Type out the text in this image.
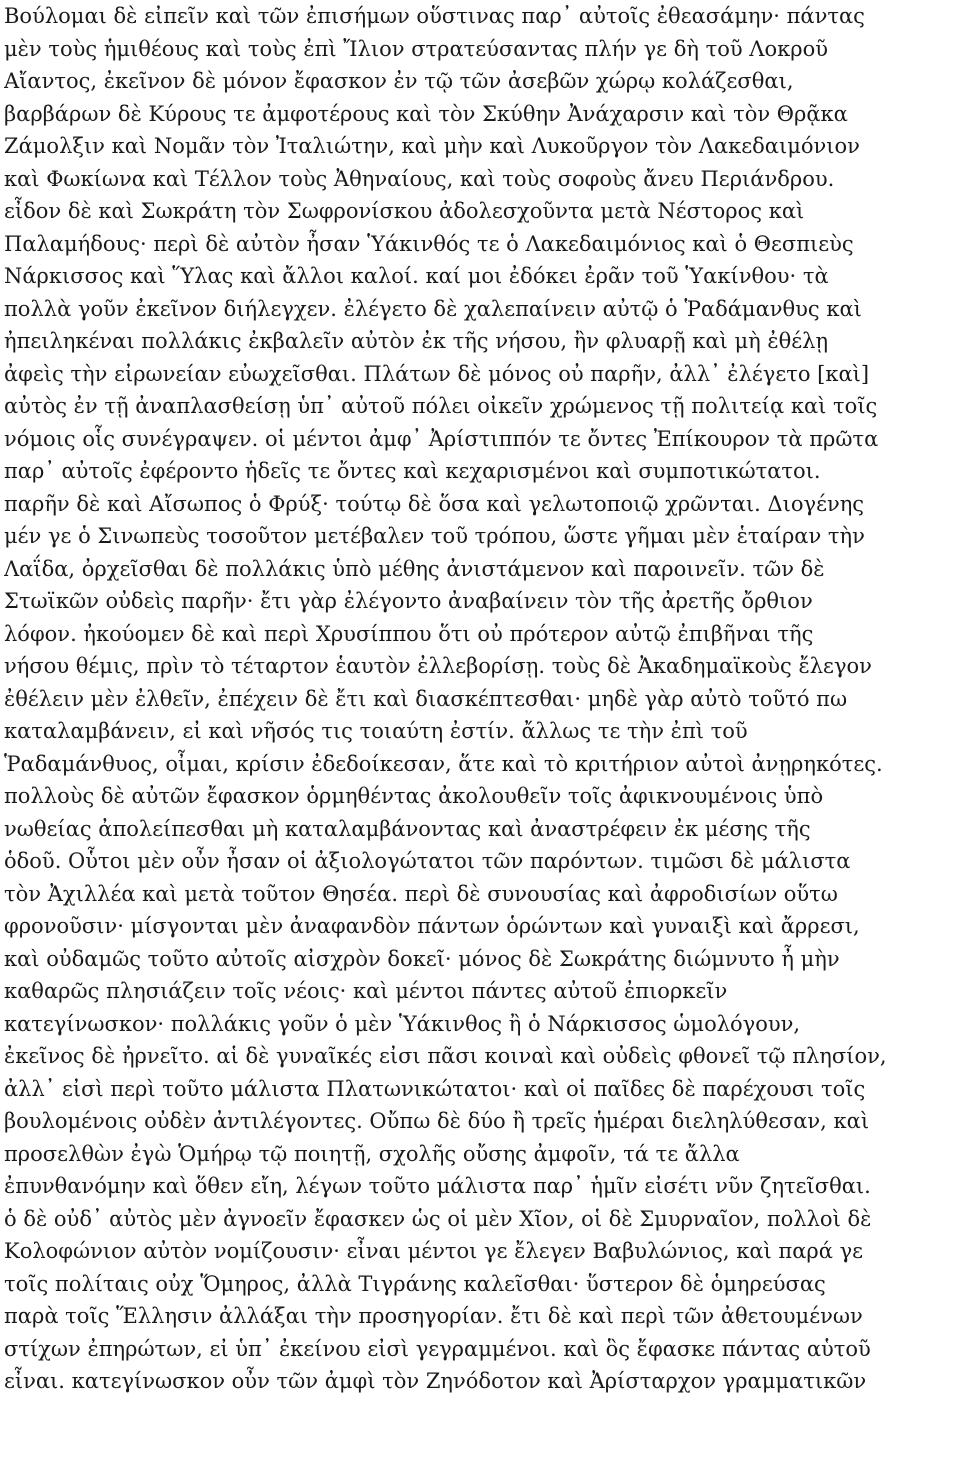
Βούλομαι δὲ εἰπεῖν καὶ τῶν ἐπισήμων οὕστινας παρ᾽ αὐτοῖς ἐθεασάμην· πάντας
μὲν τοὺς ἡμιθέους καὶ τοὺς ἐπὶ Ἴλιον στρατεύσαντας πλήν γε δὴ τοῦ Λοκροῦ
Αἴαντος, ἐκεῖνον δὲ μόνον ἔφασκον ἐν τῷ τῶν ἀσεβῶν χώρῳ κολάζεσθαι,
βαρβάρων δὲ Κύρους τε ἀμφοτέρους καὶ τὸν Σκύθην Ἀνάχαρσιν καὶ τὸν Θρᾷκα
Ζάμολξιν καὶ Νομᾶν τὸν Ἰταλιώτην, καὶ μὴν καὶ Λυκοῦργον τὸν Λακεδαιμόνιον
καὶ Φωκίωνα καὶ Τέλλον τοὺς Ἀθηναίους, καὶ τοὺς σοφοὺς ἄνευ Περιάνδρου.
εἶδον δὲ καὶ Σωκράτη τὸν Σωφρονίσκου ἀδολεσχοῦντα μετὰ Νέστορος καὶ
Παλαμήδους· περὶ δὲ αὐτὸν ἦσαν Ὑάκινθός τε ὁ Λακεδαιμόνιος καὶ ὁ Θεσπιεὺς
Νάρκισσος καὶ Ὕλας καὶ ἄλλοι καλοί. καί μοι ἐδόκει ἐρᾶν τοῦ Ὑακίνθου· τὰ
πολλὰ γοῦν ἐκεῖνον διήλεγχεν. ἐλέγετο δὲ χαλεπαίνειν αὐτῷ ὁ Ῥαδάμανθυς καὶ
ἠπειληκέναι πολλάκις ἐκβαλεῖν αὐτὸν ἐκ τῆς νήσου, ἢν φλυαρῇ καὶ μὴ ἐθέλῃ
ἀφεὶς τὴν εἰρωνείαν εὐωχεῖσθαι. Πλάτων δὲ μόνος οὐ παρῆν, ἀλλ᾽ ἐλέγετο [καὶ]
αὐτὸς ἐν τῇ ἀναπλασθείσῃ ὑπ᾽ αὐτοῦ πόλει οἰκεῖν χρώμενος τῇ πολιτείᾳ καὶ τοῖς
νόμοις οἷς συνέγραψεν. οἱ μέντοι ἀμφ᾽ Ἀρίστιππόν τε ὄντες Ἐπίκουρον τὰ πρῶτα
παρ᾽ αὐτοῖς ἐφέροντο ἡδεῖς τε ὄντες καὶ κεχαρισμένοι καὶ συμποτικώτατοι.
παρῆν δὲ καὶ Αἴσωπος ὁ Φρύξ· τούτῳ δὲ ὅσα καὶ γελωτοποιῷ χρῶνται. Διογένης
μέν γε ὁ Σινωπεὺς τοσοῦτον μετέβαλεν τοῦ τρόπου, ὥστε γῆμαι μὲν ἑταίραν τὴν
Λαΐδα, ὀρχεῖσθαι δὲ πολλάκις ὑπὸ μέθης ἀνιστάμενον καὶ παροινεῖν. τῶν δὲ
Στωϊκῶν οὐδεὶς παρῆν· ἔτι γὰρ ἐλέγοντο ἀναβαίνειν τὸν τῆς ἀρετῆς ὄρθιον
λόφον. ἠκούομεν δὲ καὶ περὶ Χρυσίππου ὅτι οὐ πρότερον αὐτῷ ἐπιβῆναι τῆς
νήσου θέμις, πρὶν τὸ τέταρτον ἑαυτὸν ἐλλεβορίσῃ. τοὺς δὲ Ἀκαδημαϊκοὺς ἔλεγον
ἐθέλειν μὲν ἐλθεῖν, ἐπέχειν δὲ ἔτι καὶ διασκέπτεσθαι· μηδὲ γὰρ αὐτὸ τοῦτό πω
καταλαμβάνειν, εἰ καὶ νῆσός τις τοιαύτη ἐστίν. ἄλλως τε τὴν ἐπὶ τοῦ
Ῥαδαμάνθυος, οἶμαι, κρίσιν ἐδεδοίκεσαν, ἅτε καὶ τὸ κριτήριον αὐτοὶ ἀνῃρηκότες.
πολλοὺς δὲ αὐτῶν ἔφασκον ὁρμηθέντας ἀκολουθεῖν τοῖς ἀφικνουμένοις ὑπὸ
νωθείας ἀπολείπεσθαι μὴ καταλαμβάνοντας καὶ ἀναστρέφειν ἐκ μέσης τῆς
ὁδοῦ. Οὗτοι μὲν οὖν ἦσαν οἱ ἀξιολογώτατοι τῶν παρόντων. τιμῶσι δὲ μάλιστα
τὸν Ἀχιλλέα καὶ μετὰ τοῦτον Θησέα. περὶ δὲ συνουσίας καὶ ἀφροδισίων οὕτω
φρονοῦσιν· μίσγονται μὲν ἀναφανδὸν πάντων ὁρώντων καὶ γυναιξὶ καὶ ἄρρεσι,
καὶ οὐδαμῶς τοῦτο αὐτοῖς αἰσχρὸν δοκεῖ· μόνος δὲ Σωκράτης διώμνυτο ἦ μὴν
καθαρῶς πλησιάζειν τοῖς νέοις· καὶ μέντοι πάντες αὐτοῦ ἐπιορκεῖν
κατεγίνωσκον· πολλάκις γοῦν ὁ μὲν Ὑάκινθος ἢ ὁ Νάρκισσος ὡμολόγουν,
ἐκεῖνος δὲ ἠρνεῖτο. αἱ δὲ γυναῖκές εἰσι πᾶσι κοιναὶ καὶ οὐδεὶς φθονεῖ τῷ πλησίον,
ἀλλ᾽ εἰσὶ περὶ τοῦτο μάλιστα Πλατωνικώτατοι· καὶ οἱ παῖδες δὲ παρέχουσι τοῖς
βουλομένοις οὐδὲν ἀντιλέγοντες. Οὔπω δὲ δύο ἢ τρεῖς ἡμέραι διεληλύθεσαν, καὶ
προσελθὼν ἐγὼ Ὁμήρῳ τῷ ποιητῇ, σχολῆς οὔσης ἀμφοῖν, τά τε ἄλλα
ἐπυνθανόμην καὶ ὅθεν εἴη, λέγων τοῦτο μάλιστα παρ᾽ ἡμῖν εἰσέτι νῦν ζητεῖσθαι.
ὁ δὲ οὐδ᾽ αὐτὸς μὲν ἀγνοεῖν ἔφασκεν ὡς οἱ μὲν Χῖον, οἱ δὲ Σμυρναῖον, πολλοὶ δὲ
Κολοφώνιον αὐτὸν νομίζουσιν· εἶναι μέντοι γε ἔλεγεν Βαβυλώνιος, καὶ παρά γε
τοῖς πολίταις οὐχ Ὅμηρος, ἀλλὰ Τιγράνης καλεῖσθαι· ὕστερον δὲ ὁμηρεύσας
παρὰ τοῖς Ἕλλησιν ἀλλάξαι τὴν προσηγορίαν. ἔτι δὲ καὶ περὶ τῶν ἀθετουμένων
στίχων ἐπηρώτων, εἰ ὑπ᾽ ἐκείνου εἰσὶ γεγραμμένοι. καὶ ὃς ἔφασκε πάντας αὑτοῦ
εἶναι. κατεγίνωσκον οὖν τῶν ἀμφὶ τὸν Ζηνόδοτον καὶ Ἀρίσταρχον γραμματικῶν
